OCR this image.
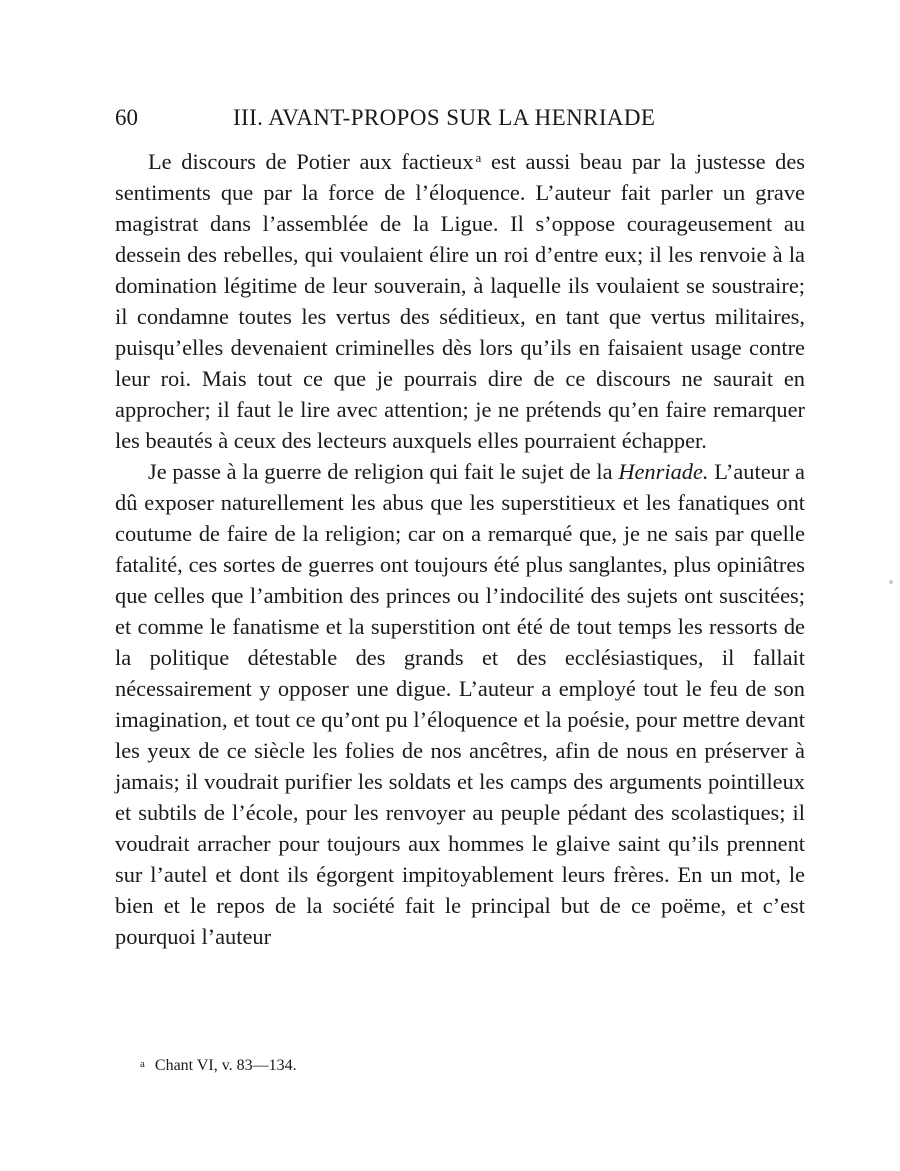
60	III. AVANT-PROPOS SUR LA HENRIADE

Le discours de Potier aux factieux $^a$ est aussi beau par la justesse des sentiments que par la force de l’éloquence. L’auteur fait parler un grave magistrat dans l’assemblée de la Ligue. Il s’oppose courageusement au dessein des rebelles, qui voulaient élire un roi d’entre eux; il les renvoie à la domination légitime de leur souverain, à laquelle ils voulaient se soustraire; il condamne toutes les vertus des séditieux, en tant que vertus militaires, puisqu’elles devenaient criminelles dès lors qu’ils en faisaient usage contre leur roi. Mais tout ce que je pourrais dire de ce discours ne saurait en approcher; il faut le lire avec attention; je ne prétends qu’en faire remarquer les beautés à ceux des lecteurs auxquels elles pourraient échapper.

Je passe à la guerre de religion qui fait le sujet de la Henriade. L’auteur a dû exposer naturellement les abus que les superstitieux et les fanatiques ont coutume de faire de la religion; car on a remarqué que, je ne sais par quelle fatalité, ces sortes de guerres ont toujours été plus sanglantes, plus opiniâtres que celles que l’ambition des princes ou l’indocilité des sujets ont suscitées; et comme le fanatisme et la superstition ont été de tout temps les ressorts de la politique détestable des grands et des ecclésiastiques, il fallait nécessairement y opposer une digue. L’auteur a employé tout le feu de son imagination, et tout ce qu’ont pu l’éloquence et la poésie, pour mettre devant les yeux de ce siècle les folies de nos ancêtres, afin de nous en préserver à jamais; il voudrait purifier les soldats et les camps des arguments pointilleux et subtils de l’école, pour les renvoyer au peuple pédant des scolastiques; il voudrait arracher pour toujours aux hommes le glaive saint qu’ils prennent sur l’autel et dont ils égorgent impitoyablement leurs frères. En un mot, le bien et le repos de la société fait le principal but de ce poëme, et c’est pourquoi l’auteur

a Chant VI, v. 83—134.
